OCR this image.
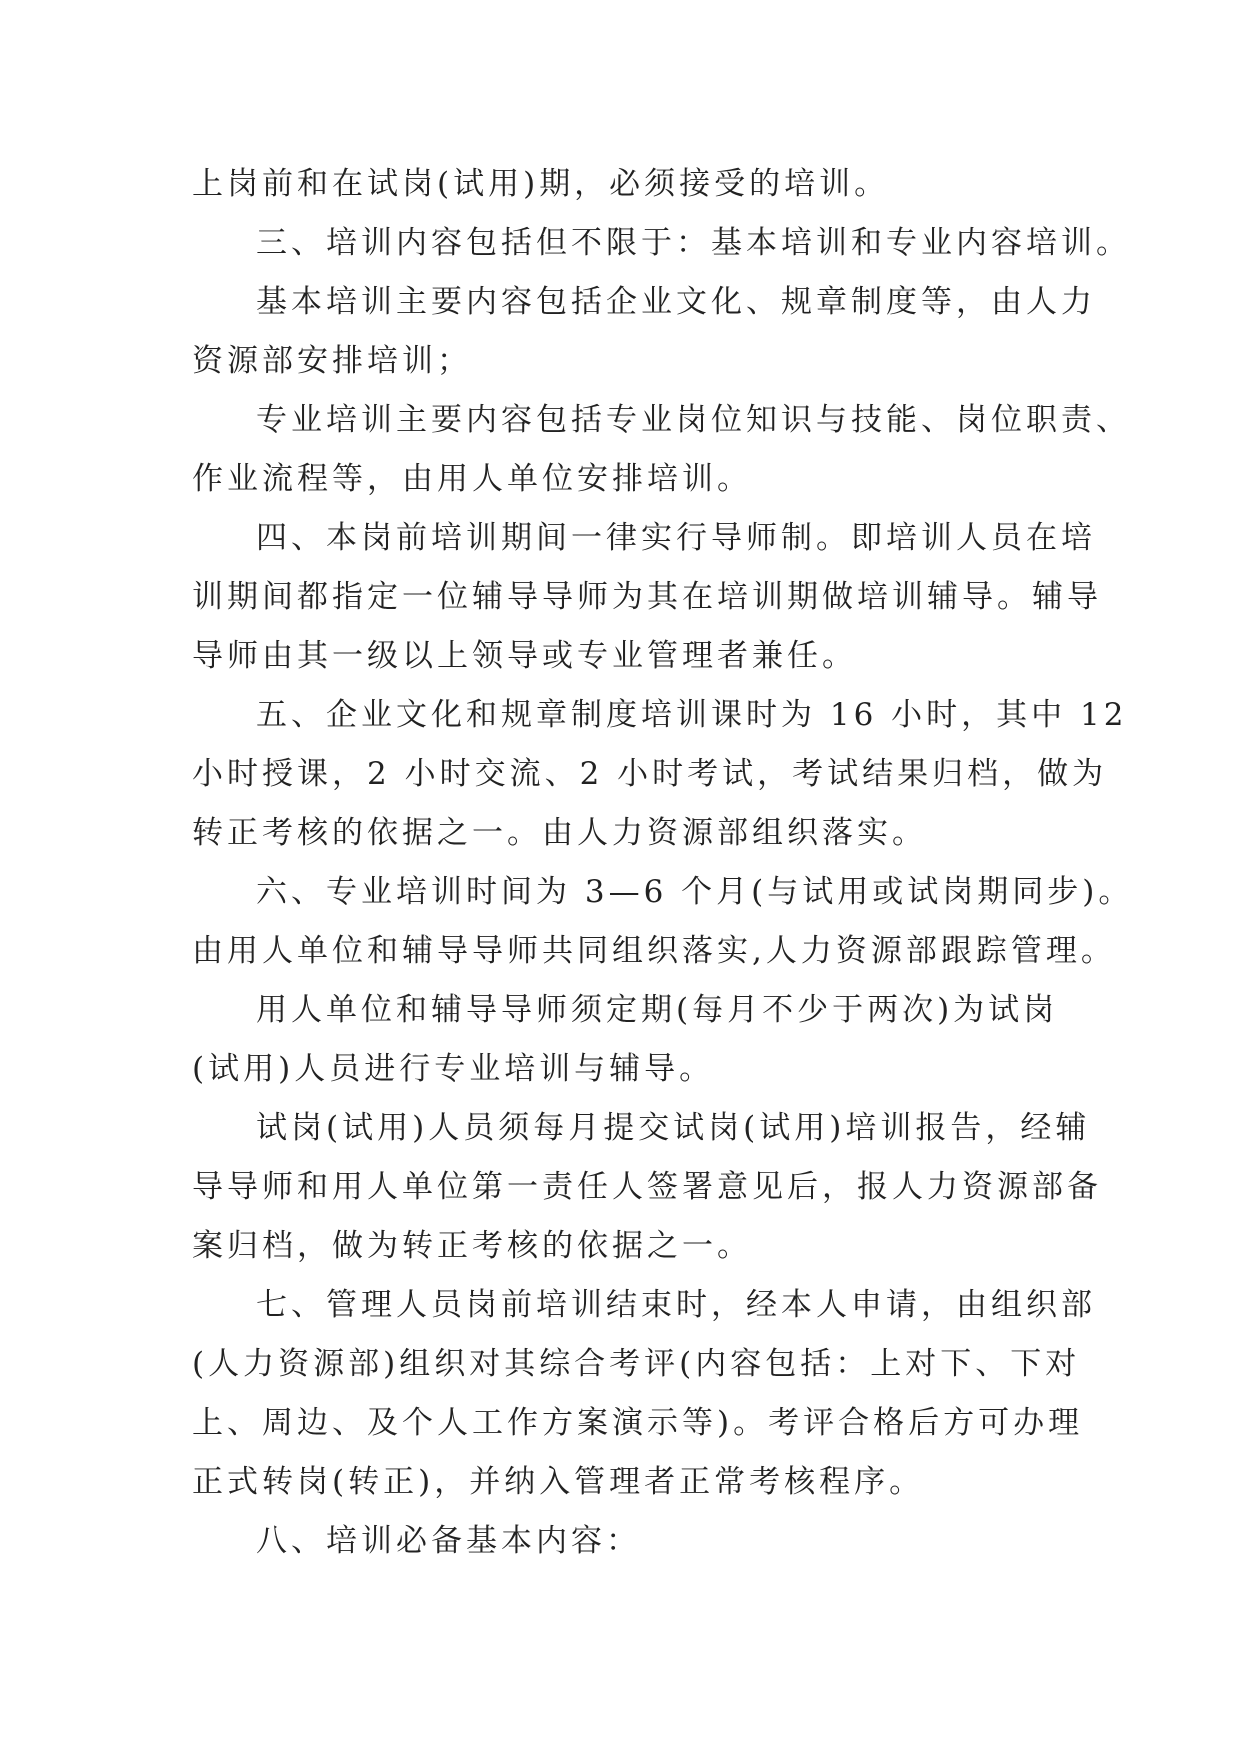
上岗前和在试岗(试用)期，必须接受的培训。
三、培训内容包括但不限于：基本培训和专业内容培训。
基本培训主要内容包括企业文化、规章制度等，由人力
资源部安排培训；
专业培训主要内容包括专业岗位知识与技能、岗位职责、
作业流程等，由用人单位安排培训。
四、本岗前培训期间一律实行导师制。即培训人员在培
训期间都指定一位辅导导师为其在培训期做培训辅导。辅导
导师由其一级以上领导或专业管理者兼任。
五、企业文化和规章制度培训课时为 16 小时，其中 12
小时授课，2 小时交流、2 小时考试，考试结果归档，做为
转正考核的依据之一。由人力资源部组织落实。
六、专业培训时间为 3—6 个月(与试用或试岗期同步)。
由用人单位和辅导导师共同组织落实,人力资源部跟踪管理。
用人单位和辅导导师须定期(每月不少于两次)为试岗
(试用)人员进行专业培训与辅导。
试岗(试用)人员须每月提交试岗(试用)培训报告，经辅
导导师和用人单位第一责任人签署意见后，报人力资源部备
案归档，做为转正考核的依据之一。
七、管理人员岗前培训结束时，经本人申请，由组织部
(人力资源部)组织对其综合考评(内容包括：上对下、下对
上、周边、及个人工作方案演示等)。考评合格后方可办理
正式转岗(转正)，并纳入管理者正常考核程序。
八、培训必备基本内容：
